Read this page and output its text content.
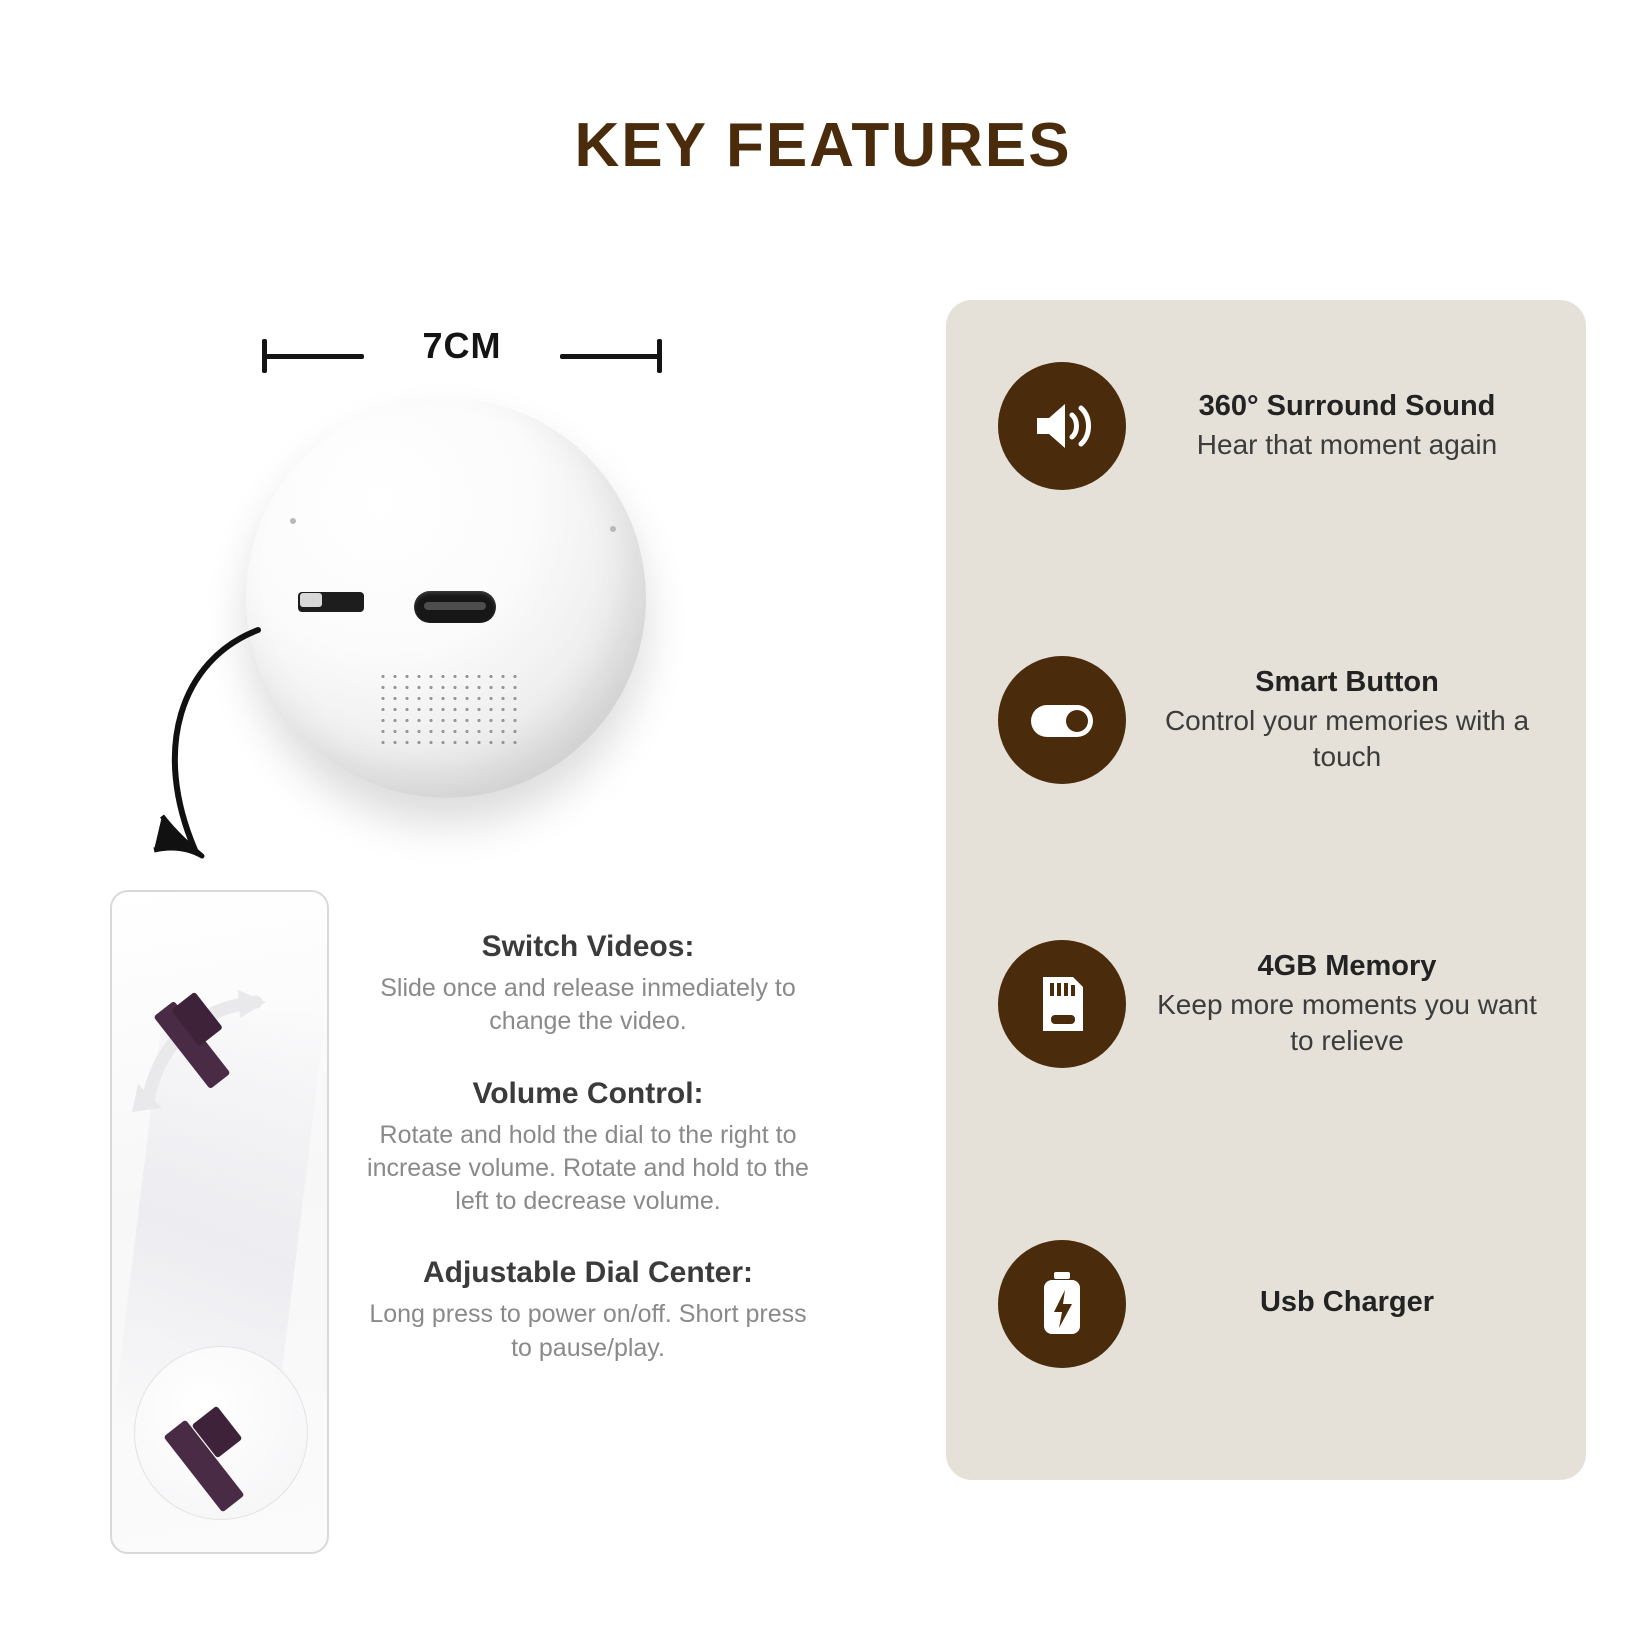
KEY FEATURES
7CM
Switch Videos:
Slide once and release inmediately to change the video.
Volume Control:
Rotate and hold the dial to the right to increase volume. Rotate and hold to the left to decrease volume.
Adjustable Dial Center:
Long press to power on/off. Short press to pause/play.
360° Surround Sound
Hear that moment again
Smart Button
Control your memories with a touch
4GB Memory
Keep more moments you want to relieve
Usb Charger
